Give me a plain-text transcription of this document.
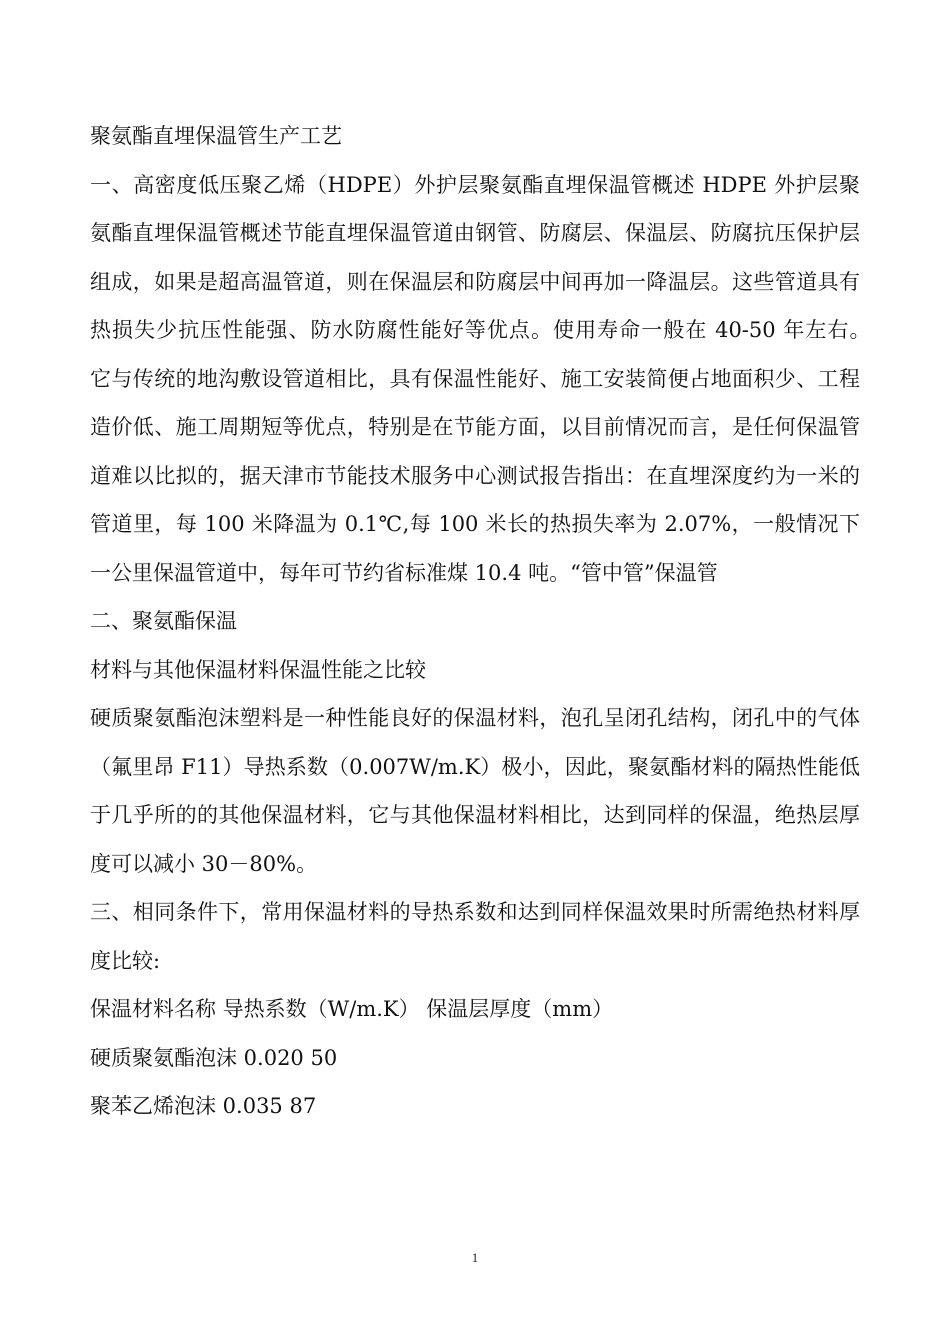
聚氨酯直埋保温管生产工艺

一、高密度低压聚乙烯（HDPE）外护层聚氨酯直埋保温管概述 HDPE 外护层聚氨酯直埋保温管概述节能直埋保温管道由钢管、防腐层、保温层、防腐抗压保护层组成，如果是超高温管道，则在保温层和防腐层中间再加一降温层。这些管道具有热损失少抗压性能强、防水防腐性能好等优点。使用寿命一般在 40-50 年左右。　它与传统的地沟敷设管道相比，具有保温性能好、施工安装简便占地面积少、工程造价低、施工周期短等优点，特别是在节能方面，以目前情况而言，是任何保温管道难以比拟的，据天津市节能技术服务中心测试报告指出：在直埋深度约为一米的管道里，每 100 米降温为 0.1℃,每 100 米长的热损失率为 2.07%，一般情况下一公里保温管道中，每年可节约省标准煤 10.4 吨。“管中管”保温管

二、聚氨酯保温

材料与其他保温材料保温性能之比较

硬质聚氨酯泡沫塑料是一种性能良好的保温材料，泡孔呈闭孔结构，闭孔中的气体（氟里昂 F11）导热系数（0.007W/m.K）极小，因此，聚氨酯材料的隔热性能低于几乎所的的其他保温材料，它与其他保温材料相比，达到同样的保温，绝热层厚度可以减小 30－80%。

三、相同条件下，常用保温材料的导热系数和达到同样保温效果时所需绝热材料厚度比较:

保温材料名称 导热系数（W/m.K） 保温层厚度（mm）

硬质聚氨酯泡沫 0.020 50

聚苯乙烯泡沫 0.035 87

1
